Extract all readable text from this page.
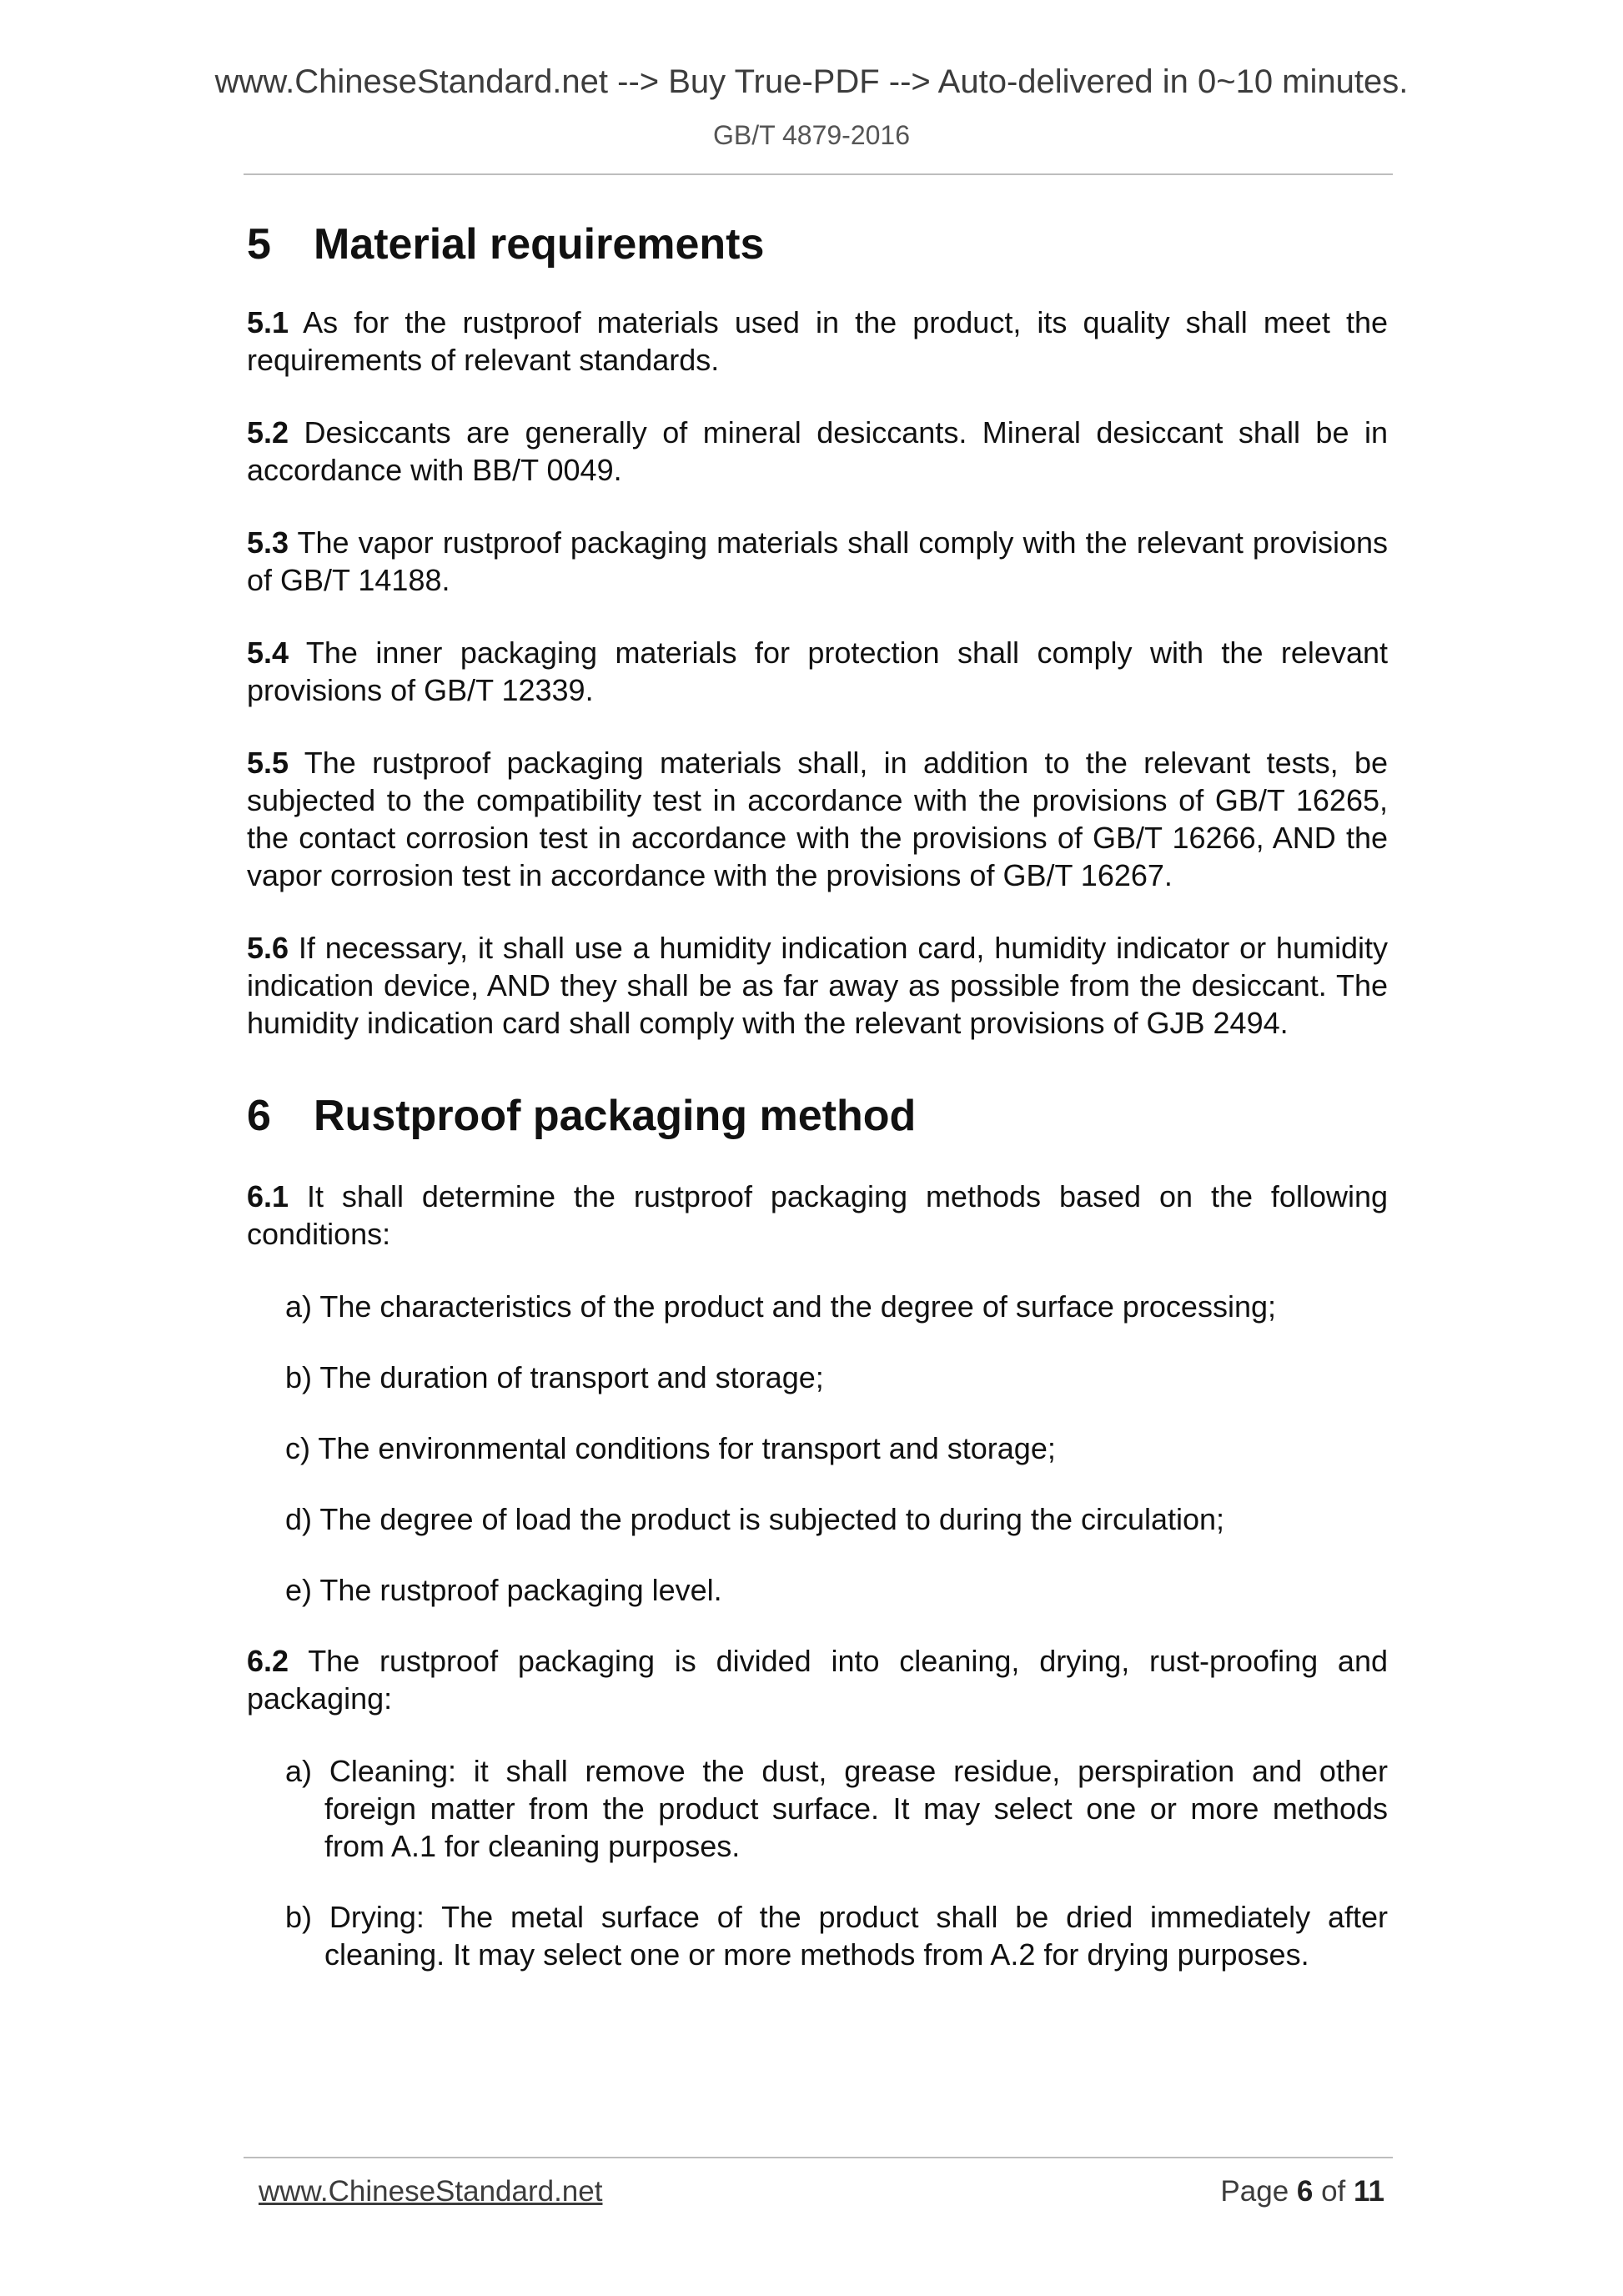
www.ChineseStandard.net --> Buy True-PDF --> Auto-delivered in 0~10 minutes.
GB/T 4879-2016
5 Material requirements

5.1 As for the rustproof materials used in the product, its quality shall meet the requirements of relevant standards.

5.2 Desiccants are generally of mineral desiccants. Mineral desiccant shall be in accordance with BB/T 0049.

5.3 The vapor rustproof packaging materials shall comply with the relevant provisions of GB/T 14188.

5.4 The inner packaging materials for protection shall comply with the relevant provisions of GB/T 12339.

5.5 The rustproof packaging materials shall, in addition to the relevant tests, be subjected to the compatibility test in accordance with the provisions of GB/T 16265, the contact corrosion test in accordance with the provisions of GB/T 16266, AND the vapor corrosion test in accordance with the provisions of GB/T 16267.

5.6 If necessary, it shall use a humidity indication card, humidity indicator or humidity indication device, AND they shall be as far away as possible from the desiccant. The humidity indication card shall comply with the relevant provisions of GJB 2494.

6 Rustproof packaging method

6.1 It shall determine the rustproof packaging methods based on the following conditions:

a) The characteristics of the product and the degree of surface processing;

b) The duration of transport and storage;

c) The environmental conditions for transport and storage;

d) The degree of load the product is subjected to during the circulation;

e) The rustproof packaging level.

6.2 The rustproof packaging is divided into cleaning, drying, rust-proofing and packaging:

a) Cleaning: it shall remove the dust, grease residue, perspiration and other foreign matter from the product surface. It may select one or more methods from A.1 for cleaning purposes.

b) Drying: The metal surface of the product shall be dried immediately after cleaning. It may select one or more methods from A.2 for drying purposes.

www.ChineseStandard.net	Page 6 of 11
